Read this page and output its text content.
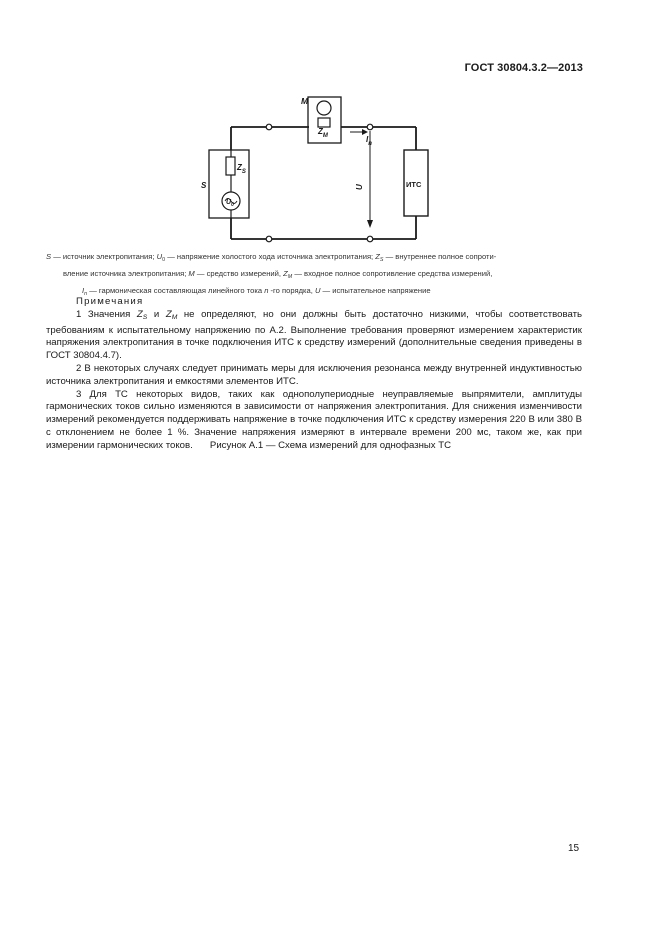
ГОСТ 30804.3.2—2013
M
$Z_M$
$Z_S$
S
$U_0$
$I_n$
U	ИТС

S — источник электропитания; $U_0$ — напряжение холостого хода источника электропитания; $Z_S$ — внутреннее полное сопроти-

вление источника электропитания; M — средство измерений, $Z_M$ — входное полное сопротивление средства измерений,

$I_n$ — гармоническая составляющая линейного тока n -го порядка, U — испытательное напряжение

Примечания

1 Значения $Z_S$ и $Z_M$ не определяют, но они должны быть достаточно низкими, чтобы соответствовать требованиям к испытательному напряжению по А.2. Выполнение требования проверяют измерением характеристик напряжения электропитания в точке подключения ИТС к средству измерений (дополнительные сведения приведены в ГОСТ 30804.4.7).

2 В некоторых случаях следует принимать меры для исключения резонанса между внутренней индуктивностью источника электропитания и емкостями элементов ИТС.

3 Для ТС некоторых видов, таких как однополупериодные неуправляемые выпрямители, амплитуды гармонических токов сильно изменяются в зависимости от напряжения электропитания. Для снижения изменчивости измерений рекомендуется поддерживать напряжение в точке подключения ИТС к средству измерения 220 В или 380 В с отклонением не более 1 %. Значение напряжения измеряют в интервале времени 200 мс, таком же, как при измерении гармонических токов.	Рисунок А.1 — Схема измерений для однофазных ТС
15
